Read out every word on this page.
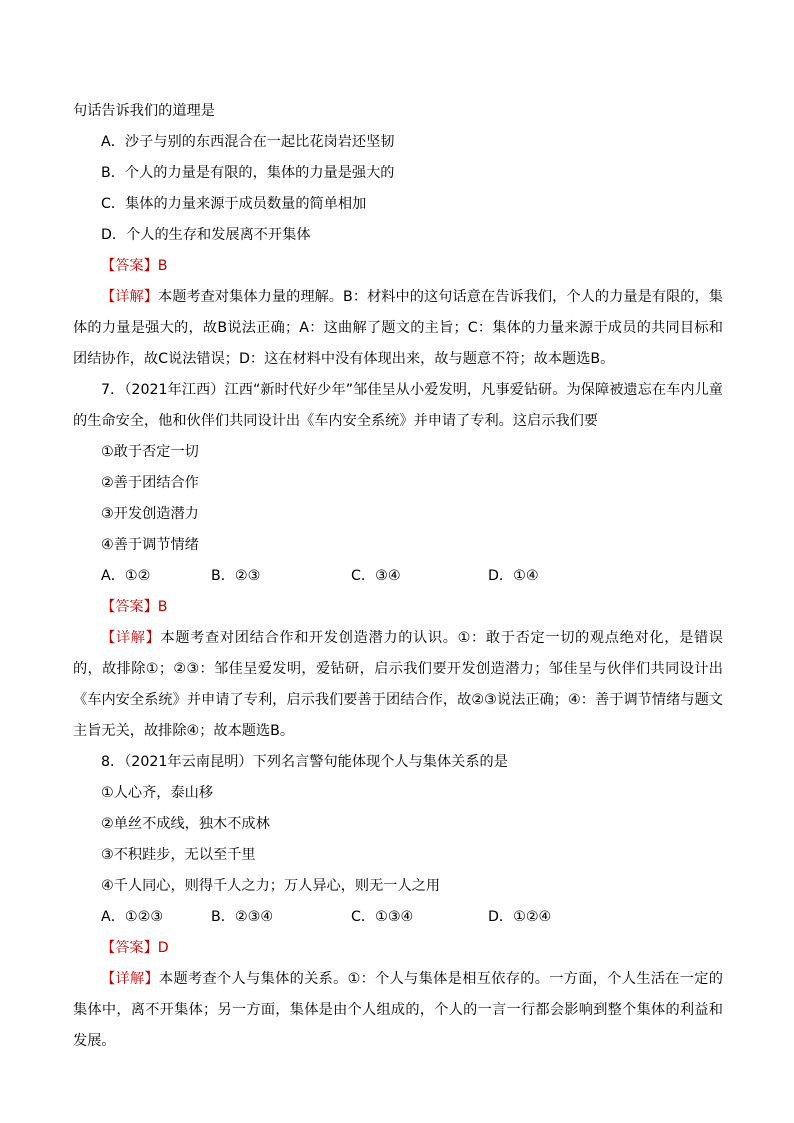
句话告诉我们的道理是
A．沙子与别的东西混合在一起比花岗岩还坚韧
B．个人的力量是有限的，集体的力量是强大的
C．集体的力量来源于成员数量的简单相加
D．个人的生存和发展离不开集体
【答案】B
【详解】本题考查对集体力量的理解。B：材料中的这句话意在告诉我们，个人的力量是有限的，集体的力量是强大的，故B说法正确；A：这曲解了题文的主旨；C：集体的力量来源于成员的共同目标和团结协作，故C说法错误；D：这在材料中没有体现出来，故与题意不符；故本题选B。
7．（2021年江西）江西“新时代好少年”邹佳呈从小爱发明，凡事爱钻研。为保障被遗忘在车内儿童的生命安全，他和伙伴们共同设计出《车内安全系统》并申请了专利。这启示我们要
①敢于否定一切
②善于团结合作
③开发创造潜力
④善于调节情绪
A．①②	B．②③	C．③④	D．①④
【答案】B
【详解】本题考查对团结合作和开发创造潜力的认识。①：敢于否定一切的观点绝对化，是错误的，故排除①；②③：邹佳呈爱发明，爱钻研，启示我们要开发创造潜力；邹佳呈与伙伴们共同设计出《车内安全系统》并申请了专利，启示我们要善于团结合作，故②③说法正确；④：善于调节情绪与题文主旨无关，故排除④；故本题选B。
8．（2021年云南昆明）下列名言警句能体现个人与集体关系的是
①人心齐，泰山移
②单丝不成线，独木不成林
③不积跬步，无以至千里
④千人同心，则得千人之力；万人异心，则无一人之用
A．①②③	B．②③④	C．①③④	D．①②④
【答案】D
【详解】本题考查个人与集体的关系。①：个人与集体是相互依存的。一方面，个人生活在一定的集体中，离不开集体；另一方面，集体是由个人组成的，个人的一言一行都会影响到整个集体的利益和发展。
